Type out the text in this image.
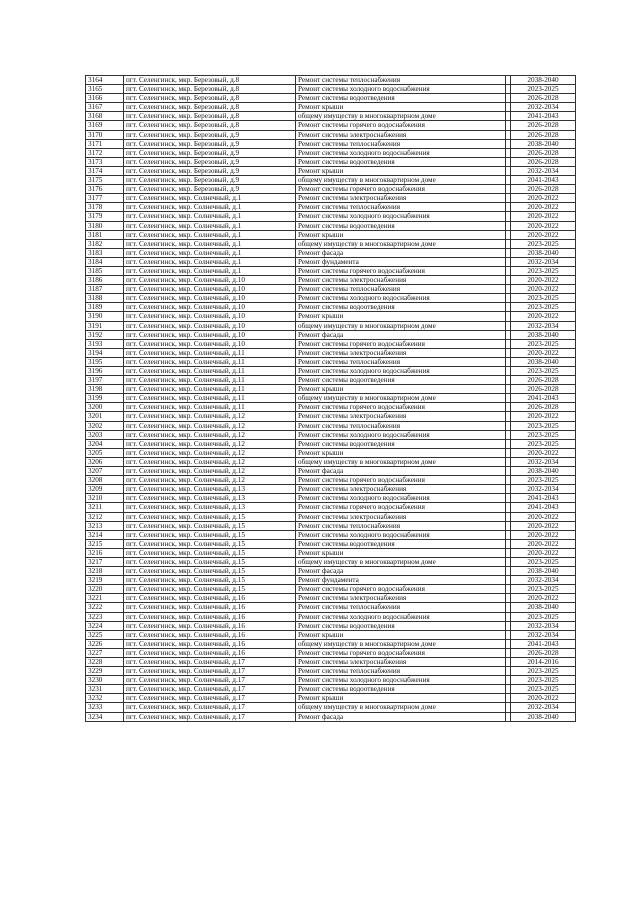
3164	пгт. Селенгинск, мкр. Березовый, д.8	Ремонт системы теплоснабжения		2038-2040
3165	пгт. Селенгинск, мкр. Березовый, д.8	Ремонт системы холодного водоснабжения		2023-2025
3166	пгт. Селенгинск, мкр. Березовый, д.8	Ремонт системы водоотведения		2026-2028
3167	пгт. Селенгинск, мкр. Березовый, д.8	Ремонт крыши		2032-2034
3168	пгт. Селенгинск, мкр. Березовый, д.8	общему имуществу в многоквартирном доме		2041-2043
3169	пгт. Селенгинск, мкр. Березовый, д.8	Ремонт системы горячего водоснабжения		2026-2028
3170	пгт. Селенгинск, мкр. Березовый, д.9	Ремонт системы электроснабжения		2026-2028
3171	пгт. Селенгинск, мкр. Березовый, д.9	Ремонт системы теплоснабжения		2038-2040
3172	пгт. Селенгинск, мкр. Березовый, д.9	Ремонт системы холодного водоснабжения		2026-2028
3173	пгт. Селенгинск, мкр. Березовый, д.9	Ремонт системы водоотведения		2026-2028
3174	пгт. Селенгинск, мкр. Березовый, д.9	Ремонт крыши		2032-2034
3175	пгт. Селенгинск, мкр. Березовый, д.9	общему имуществу в многоквартирном доме		2041-2043
3176	пгт. Селенгинск, мкр. Березовый, д.9	Ремонт системы горячего водоснабжения		2026-2028
3177	пгт. Селенгинск, мкр. Солнечный, д.1	Ремонт системы электроснабжения		2020-2022
3178	пгт. Селенгинск, мкр. Солнечный, д.1	Ремонт системы теплоснабжения		2020-2022
3179	пгт. Селенгинск, мкр. Солнечный, д.1	Ремонт системы холодного водоснабжения		2020-2022
3180	пгт. Селенгинск, мкр. Солнечный, д.1	Ремонт системы водоотведения		2020-2022
3181	пгт. Селенгинск, мкр. Солнечный, д.1	Ремонт крыши		2020-2022
3182	пгт. Селенгинск, мкр. Солнечный, д.1	общему имуществу в многоквартирном доме		2023-2025
3183	пгт. Селенгинск, мкр. Солнечный, д.1	Ремонт фасада		2038-2040
3184	пгт. Селенгинск, мкр. Солнечный, д.1	Ремонт фундамента		2032-2034
3185	пгт. Селенгинск, мкр. Солнечный, д.1	Ремонт системы горячего водоснабжения		2023-2025
3186	пгт. Селенгинск, мкр. Солнечный, д.10	Ремонт системы электроснабжения		2020-2022
3187	пгт. Селенгинск, мкр. Солнечный, д.10	Ремонт системы теплоснабжения		2020-2022
3188	пгт. Селенгинск, мкр. Солнечный, д.10	Ремонт системы холодного водоснабжения		2023-2025
3189	пгт. Селенгинск, мкр. Солнечный, д.10	Ремонт системы водоотведения		2023-2025
3190	пгт. Селенгинск, мкр. Солнечный, д.10	Ремонт крыши		2020-2022
3191	пгт. Селенгинск, мкр. Солнечный, д.10	общему имуществу в многоквартирном доме		2032-2034
3192	пгт. Селенгинск, мкр. Солнечный, д.10	Ремонт фасада		2038-2040
3193	пгт. Селенгинск, мкр. Солнечный, д.10	Ремонт системы горячего водоснабжения		2023-2025
3194	пгт. Селенгинск, мкр. Солнечный, д.11	Ремонт системы электроснабжения		2020-2022
3195	пгт. Селенгинск, мкр. Солнечный, д.11	Ремонт системы теплоснабжения		2038-2040
3196	пгт. Селенгинск, мкр. Солнечный, д.11	Ремонт системы холодного водоснабжения		2023-2025
3197	пгт. Селенгинск, мкр. Солнечный, д.11	Ремонт системы водоотведения		2026-2028
3198	пгт. Селенгинск, мкр. Солнечный, д.11	Ремонт крыши		2026-2028
3199	пгт. Селенгинск, мкр. Солнечный, д.11	общему имуществу в многоквартирном доме		2041-2043
3200	пгт. Селенгинск, мкр. Солнечный, д.11	Ремонт системы горячего водоснабжения		2026-2028
3201	пгт. Селенгинск, мкр. Солнечный, д.12	Ремонт системы электроснабжения		2020-2022
3202	пгт. Селенгинск, мкр. Солнечный, д.12	Ремонт системы теплоснабжения		2023-2025
3203	пгт. Селенгинск, мкр. Солнечный, д.12	Ремонт системы холодного водоснабжения		2023-2025
3204	пгт. Селенгинск, мкр. Солнечный, д.12	Ремонт системы водоотведения		2023-2025
3205	пгт. Селенгинск, мкр. Солнечный, д.12	Ремонт крыши		2020-2022
3206	пгт. Селенгинск, мкр. Солнечный, д.12	общему имуществу в многоквартирном доме		2032-2034
3207	пгт. Селенгинск, мкр. Солнечный, д.12	Ремонт фасада		2038-2040
3208	пгт. Селенгинск, мкр. Солнечный, д.12	Ремонт системы горячего водоснабжения		2023-2025
3209	пгт. Селенгинск, мкр. Солнечный, д.13	Ремонт системы электроснабжения		2032-2034
3210	пгт. Селенгинск, мкр. Солнечный, д.13	Ремонт системы холодного водоснабжения		2041-2043
3211	пгт. Селенгинск, мкр. Солнечный, д.13	Ремонт системы горячего водоснабжения		2041-2043
3212	пгт. Селенгинск, мкр. Солнечный, д.15	Ремонт системы электроснабжения		2020-2022
3213	пгт. Селенгинск, мкр. Солнечный, д.15	Ремонт системы теплоснабжения		2020-2022
3214	пгт. Селенгинск, мкр. Солнечный, д.15	Ремонт системы холодного водоснабжения		2020-2022
3215	пгт. Селенгинск, мкр. Солнечный, д.15	Ремонт системы водоотведения		2020-2022
3216	пгт. Селенгинск, мкр. Солнечный, д.15	Ремонт крыши		2020-2022
3217	пгт. Селенгинск, мкр. Солнечный, д.15	общему имуществу в многоквартирном доме		2023-2025
3218	пгт. Селенгинск, мкр. Солнечный, д.15	Ремонт фасада		2038-2040
3219	пгт. Селенгинск, мкр. Солнечный, д.15	Ремонт фундамента		2032-2034
3220	пгт. Селенгинск, мкр. Солнечный, д.15	Ремонт системы горячего водоснабжения		2023-2025
3221	пгт. Селенгинск, мкр. Солнечный, д.16	Ремонт системы электроснабжения		2020-2022
3222	пгт. Селенгинск, мкр. Солнечный, д.16	Ремонт системы теплоснабжения		2038-2040
3223	пгт. Селенгинск, мкр. Солнечный, д.16	Ремонт системы холодного водоснабжения		2023-2025
3224	пгт. Селенгинск, мкр. Солнечный, д.16	Ремонт системы водоотведения		2032-2034
3225	пгт. Селенгинск, мкр. Солнечный, д.16	Ремонт крыши		2032-2034
3226	пгт. Селенгинск, мкр. Солнечный, д.16	общему имуществу в многоквартирном доме		2041-2043
3227	пгт. Селенгинск, мкр. Солнечный, д.16	Ремонт системы горячего водоснабжения		2026-2028
3228	пгт. Селенгинск, мкр. Солнечный, д.17	Ремонт системы электроснабжения		2014-2016
3229	пгт. Селенгинск, мкр. Солнечный, д.17	Ремонт системы теплоснабжения		2023-2025
3230	пгт. Селенгинск, мкр. Солнечный, д.17	Ремонт системы холодного водоснабжения		2023-2025
3231	пгт. Селенгинск, мкр. Солнечный, д.17	Ремонт системы водоотведения		2023-2025
3232	пгт. Селенгинск, мкр. Солнечный, д.17	Ремонт крыши		2020-2022
3233	пгт. Селенгинск, мкр. Солнечный, д.17	общему имуществу в многоквартирном доме		2032-2034
3234	пгт. Селенгинск, мкр. Солнечный, д.17	Ремонт фасада		2038-2040
